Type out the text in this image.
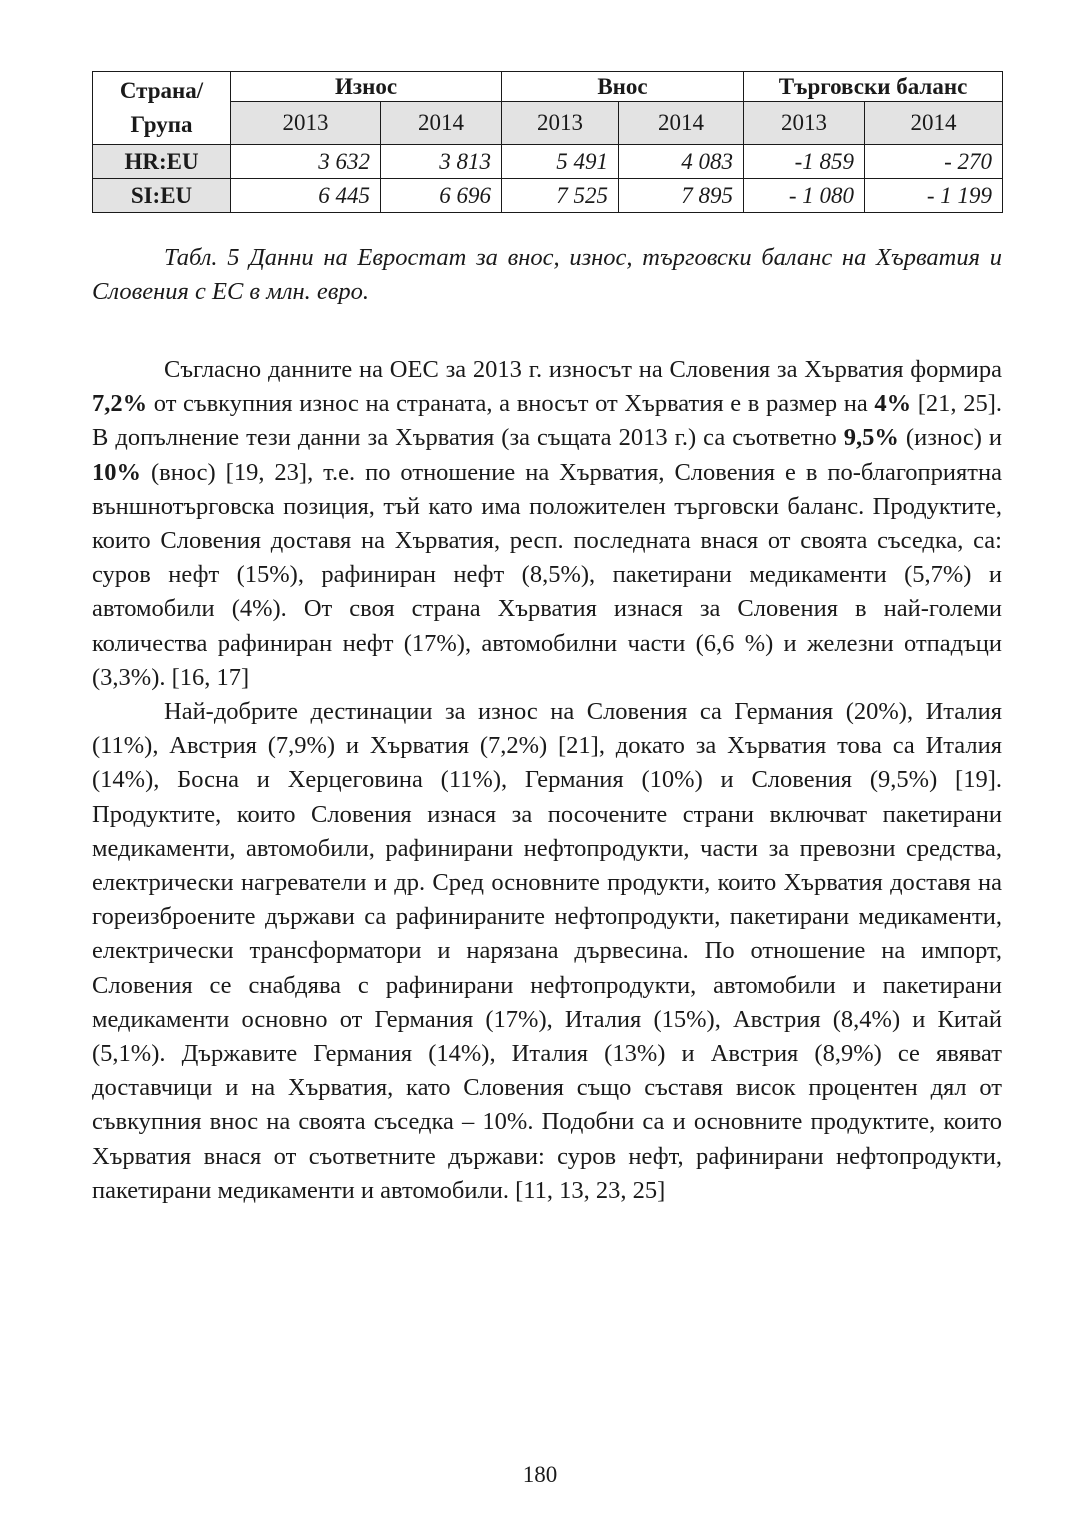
Страна/
Група	Износ		Внос		Търговски баланс	
	2013	2014	2013	2014	2013	2014
HR:EU	3 632	3 813	5 491	4 083	-1 859	- 270
SI:EU	6 445	6 696	7 525	7 895	- 1 080	- 1 199
Табл. 5 Данни на Евростат за внос, износ, търговски баланс на Хърватия и Словения с ЕС в млн. евро.

Съгласно данните на ОЕС за 2013 г. износът на Словения за Хърватия формира 7,2% от съвкупния износ на страната, а вносът от Хърватия е в размер на 4% [21, 25]. В допълнение тези данни за Хърватия (за същата 2013 г.) са съответно 9,5% (износ) и 10% (внос) [19, 23], т.е. по отношение на Хърватия, Словения е в по-благоприятна външнотърговска позиция, тъй като има положителен търговски баланс. Продуктите, които Словения доставя на Хърватия, респ. последната внася от своята съседка, са: суров нефт (15%), рафиниран нефт (8,5%), пакетирани медикаменти (5,7%) и автомобили (4%). От своя страна Хърватия изнася за Словения в най-големи количества рафиниран нефт (17%), автомобилни части (6,6 %) и железни отпадъци (3,3%). [16, 17]

Най-добрите дестинации за износ на Словения са Германия (20%), Италия (11%), Австрия (7,9%) и Хърватия (7,2%) [21], докато за Хърватия това са Италия (14%), Босна и Херцеговина (11%), Германия (10%) и Словения (9,5%) [19]. Продуктите, които Словения изнася за посочените страни включват пакетирани медикаменти, автомобили, рафинирани нефтопродукти, части за превозни средства, електрически нагреватели и др. Сред основните продукти, които Хърватия доставя на гореизброените държави са рафинираните нефтопродукти, пакетирани медикаменти, електрически трансформатори и нарязана дървесина. По отношение на импорт, Словения се снабдява с рафинирани нефтопродукти, автомобили и пакетирани медикаменти основно от Германия (17%), Италия (15%), Австрия (8,4%) и Китай (5,1%). Държавите Германия (14%), Италия (13%) и Австрия (8,9%) се явяват доставчици и на Хърватия, като Словения също съставя висок процентен дял от съвкупния внос на своята съседка – 10%. Подобни са и основните продуктите, които Хърватия внася от съответните държави: суров нефт, рафинирани нефтопродукти, пакетирани медикаменти и автомобили. [11, 13, 23, 25]

180
